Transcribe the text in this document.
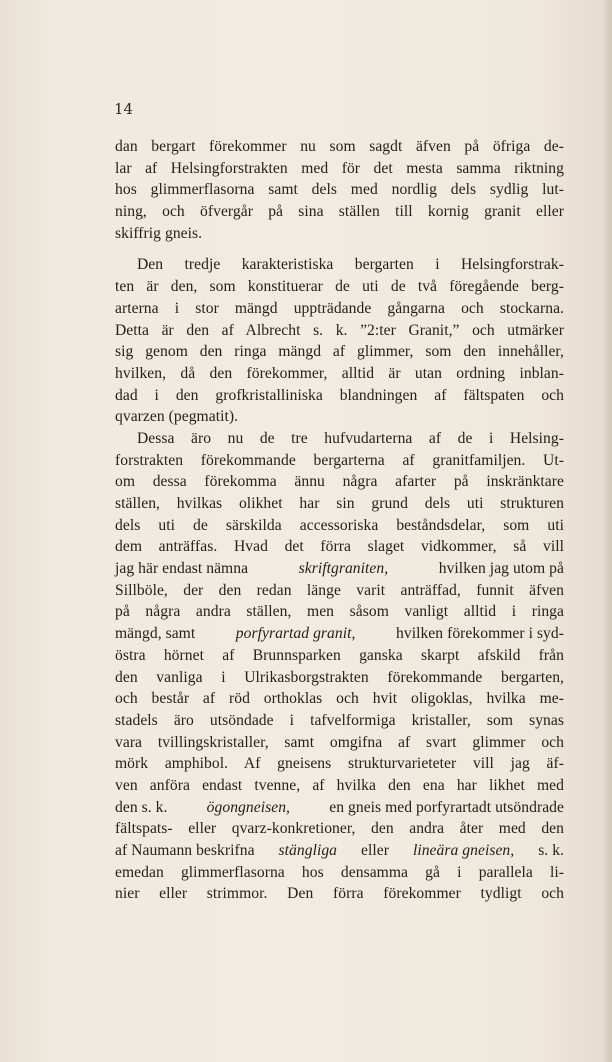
14
dan bergart förekommer nu som sagdt äfven på öfriga de-
lar af Helsingforstrakten med för det mesta samma riktning
hos glimmerflasorna samt dels med nordlig dels sydlig lut-
ning, och öfvergår på sina ställen till kornig granit eller
skiffrig gneis.
Den tredje karakteristiska bergarten i Helsingforstrak-
ten är den, som konstituerar de uti de två föregående berg-
arterna i stor mängd uppträdande gångarna och stockarna.
Detta är den af Albrecht s. k. ”2:ter Granit,” och utmärker
sig genom den ringa mängd af glimmer, som den innehåller,
hvilken, då den förekommer, alltid är utan ordning inblan-
dad i den grofkristalliniska blandningen af fältspaten och
qvarzen (pegmatit).
Dessa äro nu de tre hufvudarterna af de i Helsing-
forstrakten förekommande bergarterna af granitfamiljen. Ut-
om dessa förekomma ännu några afarter på inskränktare
ställen, hvilkas olikhet har sin grund dels uti strukturen
dels uti de särskilda accessoriska beståndsdelar, som uti
dem anträffas. Hvad det förra slaget vidkommer, så vill
jag här endast nämna	skriftgraniten,	hvilken jag utom på
Sillböle, der den redan länge varit anträffad, funnit äfven
på några andra ställen, men såsom vanligt alltid i ringa
mängd, samt	porfyrartad granit,	hvilken förekommer i syd-
östra hörnet af Brunnsparken ganska skarpt afskild från
den vanliga i Ulrikasborgstrakten förekommande bergarten,
och består af röd orthoklas och hvit oligoklas, hvilka me-
stadels äro utsöndade i tafvelformiga kristaller, som synas
vara tvillingskristaller, samt omgifna af svart glimmer och
mörk amphibol. Af gneisens strukturvarieteter vill jag äf-
ven anföra endast tvenne, af hvilka den ena har likhet med
den s. k.	ögongneisen,	en gneis med porfyrartadt utsöndrade
fältspats- eller qvarz-konkretioner, den andra åter med den
af Naumann beskrifna stängliga eller lineära gneisen, s. k.
emedan glimmerflasorna hos densamma gå i parallela li-
nier eller strimmor. Den förra förekommer tydligt och
